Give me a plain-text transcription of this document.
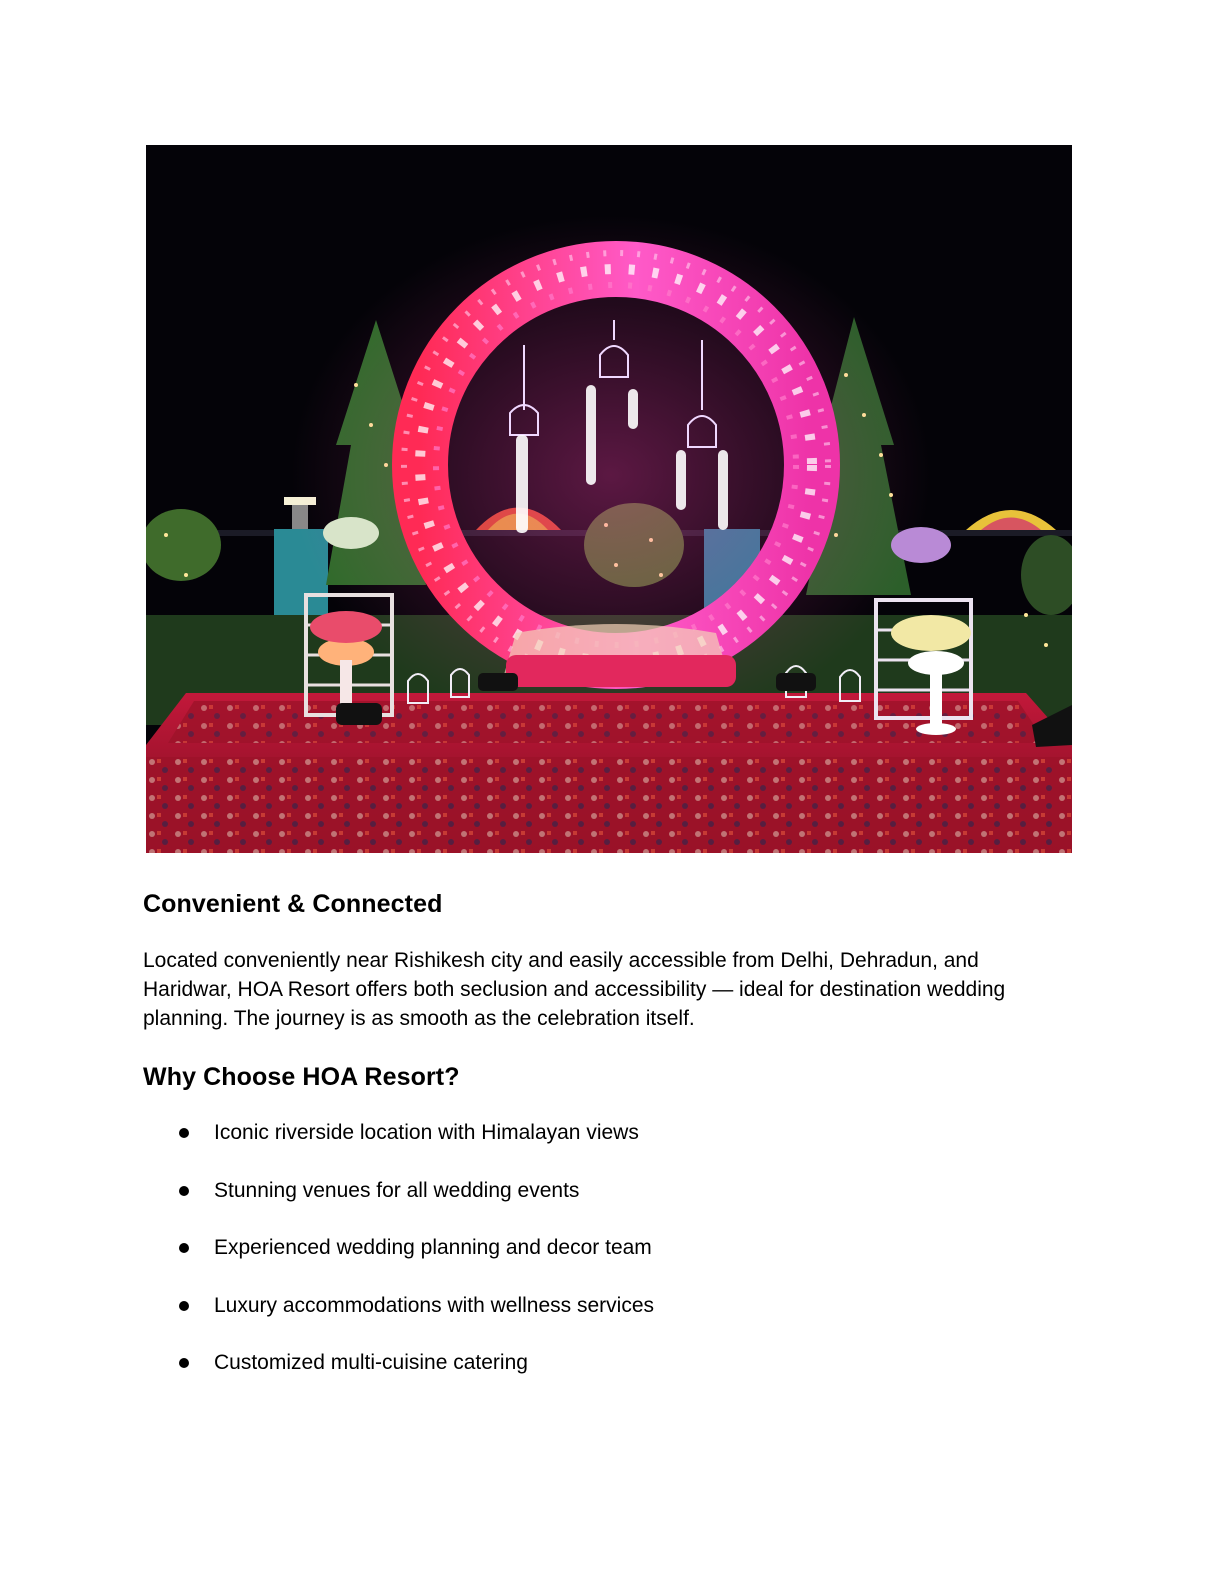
Convenient & Connected

Located conveniently near Rishikesh city and easily accessible from Delhi, Dehradun, and Haridwar, HOA Resort offers both seclusion and accessibility — ideal for destination wedding planning. The journey is as smooth as the celebration itself.

Why Choose HOA Resort?
Iconic riverside location with Himalayan views
Stunning venues for all wedding events
Experienced wedding planning and decor team
Luxury accommodations with wellness services
Customized multi-cuisine catering
